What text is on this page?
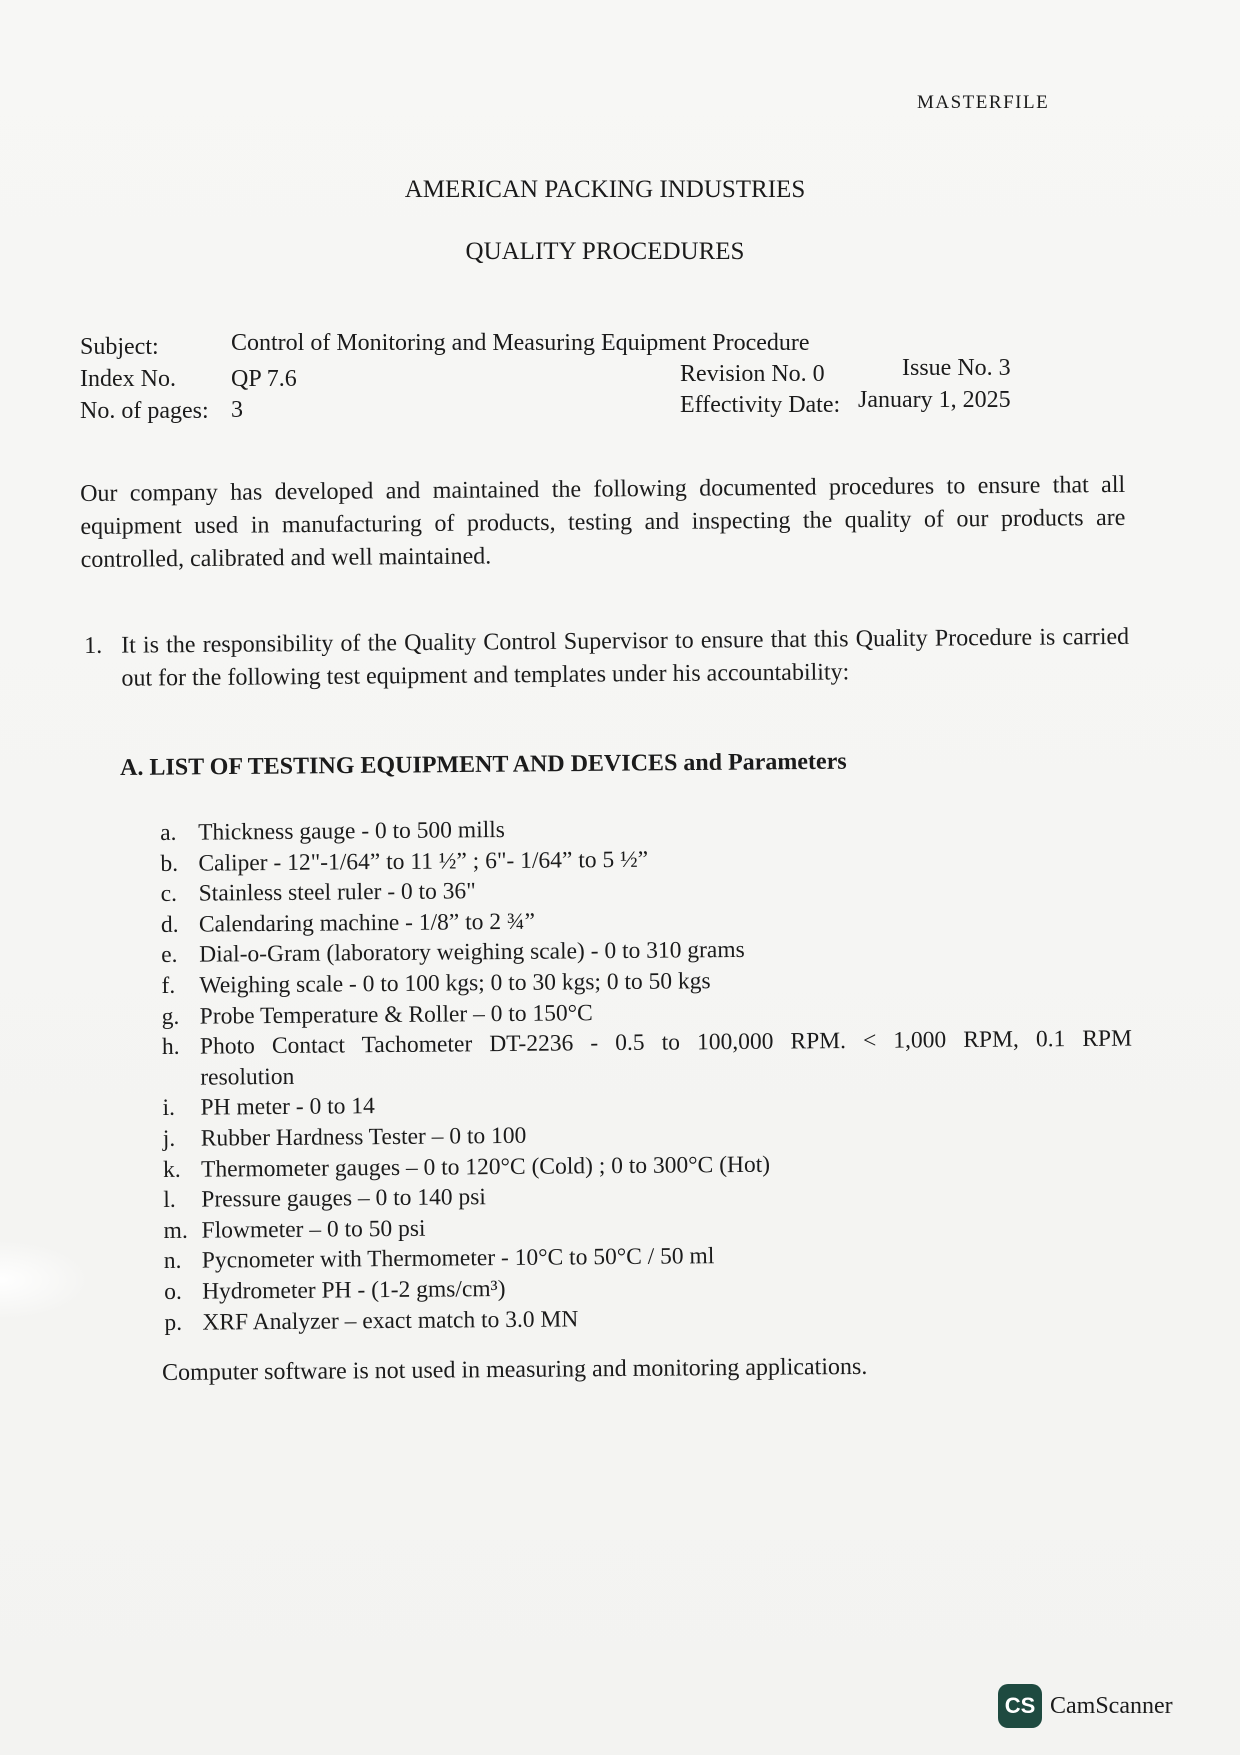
MASTERFILE
AMERICAN PACKING INDUSTRIES
QUALITY PROCEDURES
Subject:	Control of Monitoring and Measuring Equipment Procedure
Index No. QP 7.6	Revision No. 0	Issue No. 3
No. of pages: 3	Effectivity Date: January 1, 2025
Our company has developed and maintained the following documented procedures to ensure that all equipment used in manufacturing of products, testing and inspecting the quality of our products are controlled, calibrated and well maintained.
1. It is the responsibility of the Quality Control Supervisor to ensure that this Quality Procedure is carried out for the following test equipment and templates under his accountability:
A. LIST OF TESTING EQUIPMENT AND DEVICES and Parameters
a. Thickness gauge - 0 to 500 mills
b. Caliper - 12"-1/64” to 11 ½” ; 6"- 1/64” to 5 ½”
c. Stainless steel ruler - 0 to 36"
d. Calendaring machine - 1/8” to 2 ¾”
e. Dial-o-Gram (laboratory weighing scale) - 0 to 310 grams
f. Weighing scale - 0 to 100 kgs; 0 to 30 kgs; 0 to 50 kgs
g. Probe Temperature & Roller – 0 to 150°C
h. Photo Contact Tachometer DT-2236 - 0.5 to 100,000 RPM. < 1,000 RPM, 0.1 RPM
resolution
i. PH meter - 0 to 14
j. Rubber Hardness Tester – 0 to 100
k. Thermometer gauges – 0 to 120°C (Cold) ; 0 to 300°C (Hot)
l. Pressure gauges – 0 to 140 psi
m. Flowmeter – 0 to 50 psi
n. Pycnometer with Thermometer - 10°C to 50°C / 50 ml
o. Hydrometer PH - (1-2 gms/cm³)
p. XRF Analyzer – exact match to 3.0 MN
Computer software is not used in measuring and monitoring applications.
CS CamScanner
